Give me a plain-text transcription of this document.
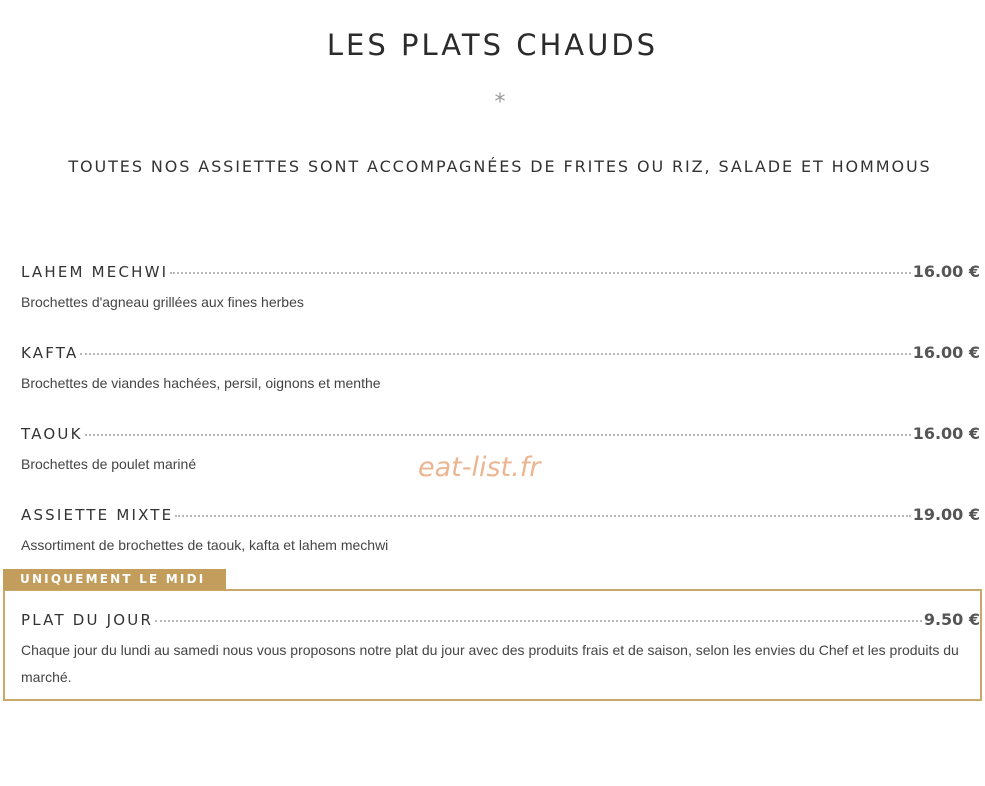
LES PLATS CHAUDS
*
TOUTES NOS ASSIETTES SONT ACCOMPAGNÉES DE FRITES OU RIZ, SALADE ET HOMMOUS
LAHEM MECHWI	16.00 €
Brochettes d'agneau grillées aux fines herbes
KAFTA	16.00 €
Brochettes de viandes hachées, persil, oignons et menthe
TAOUK	16.00 €
Brochettes de poulet mariné
ASSIETTE MIXTE	19.00 €
Assortiment de brochettes de taouk, kafta et lahem mechwi
UNIQUEMENT LE MIDI
PLAT DU JOUR	9.50 €
Chaque jour du lundi au samedi nous vous proposons notre plat du jour avec des produits frais et de saison, selon les envies du Chef et les produits du marché.
eat-list.fr
